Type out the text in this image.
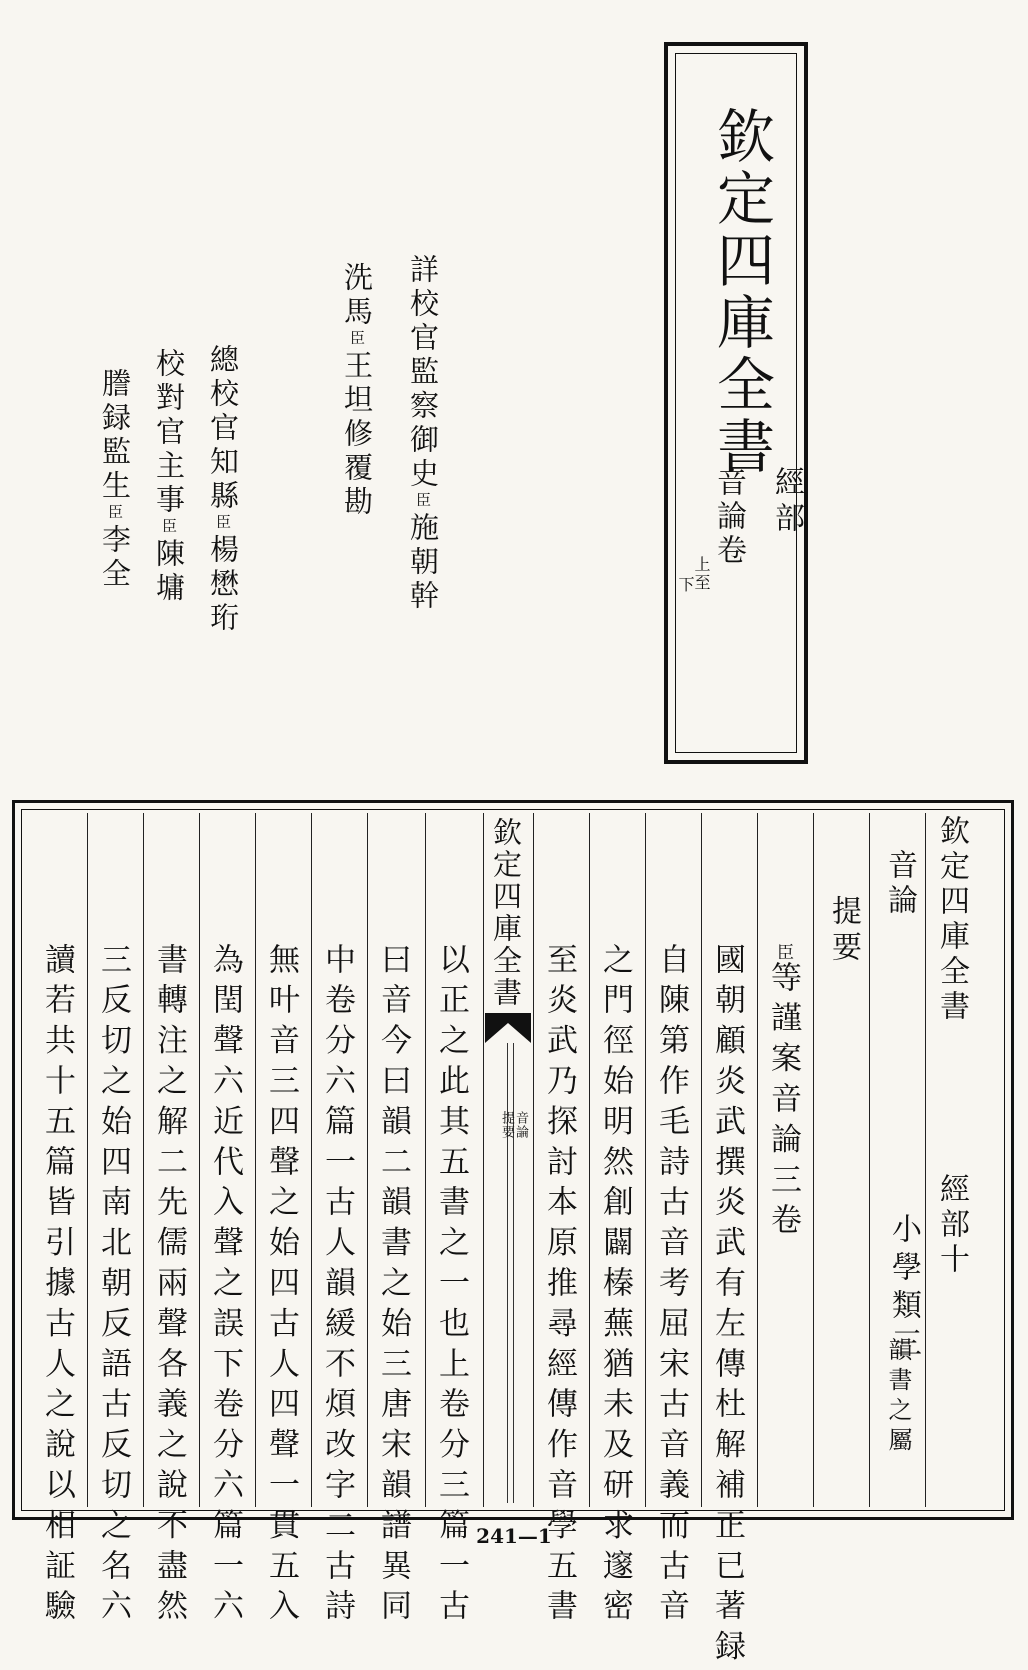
欽定四庫全書
經部
音論卷
上至
下
詳校官監察御史臣施朝幹
洗馬臣王坦修覆勘
總校官知縣臣楊懋珩
校對官主事臣陳墉
謄録監生臣李全
欽定四庫全書
經部十
音論
小學類三
韻書之屬
提要
臣等謹案音論三卷
國朝顧炎武撰炎武有左傳杜解補正已著録
自陳第作毛詩古音考屈宋古音義而古音
之門徑始明然創闢榛蕪猶未及研求邃密
至炎武乃探討本原推尋經傳作音學五書
欽定四庫全書
音論
提要
以正之此其五書之一也上卷分三篇一古
曰音今曰韻二韻書之始三唐宋韻譜異同
中卷分六篇一古人韻緩不煩改字二古詩
無叶音三四聲之始四古人四聲一貫五入
為閏聲六近代入聲之誤下卷分六篇一六
書轉注之解二先儒兩聲各義之說不盡然
三反切之始四南北朝反語古反切之名六
讀若共十五篇皆引據古人之說以相証驗	241—1
